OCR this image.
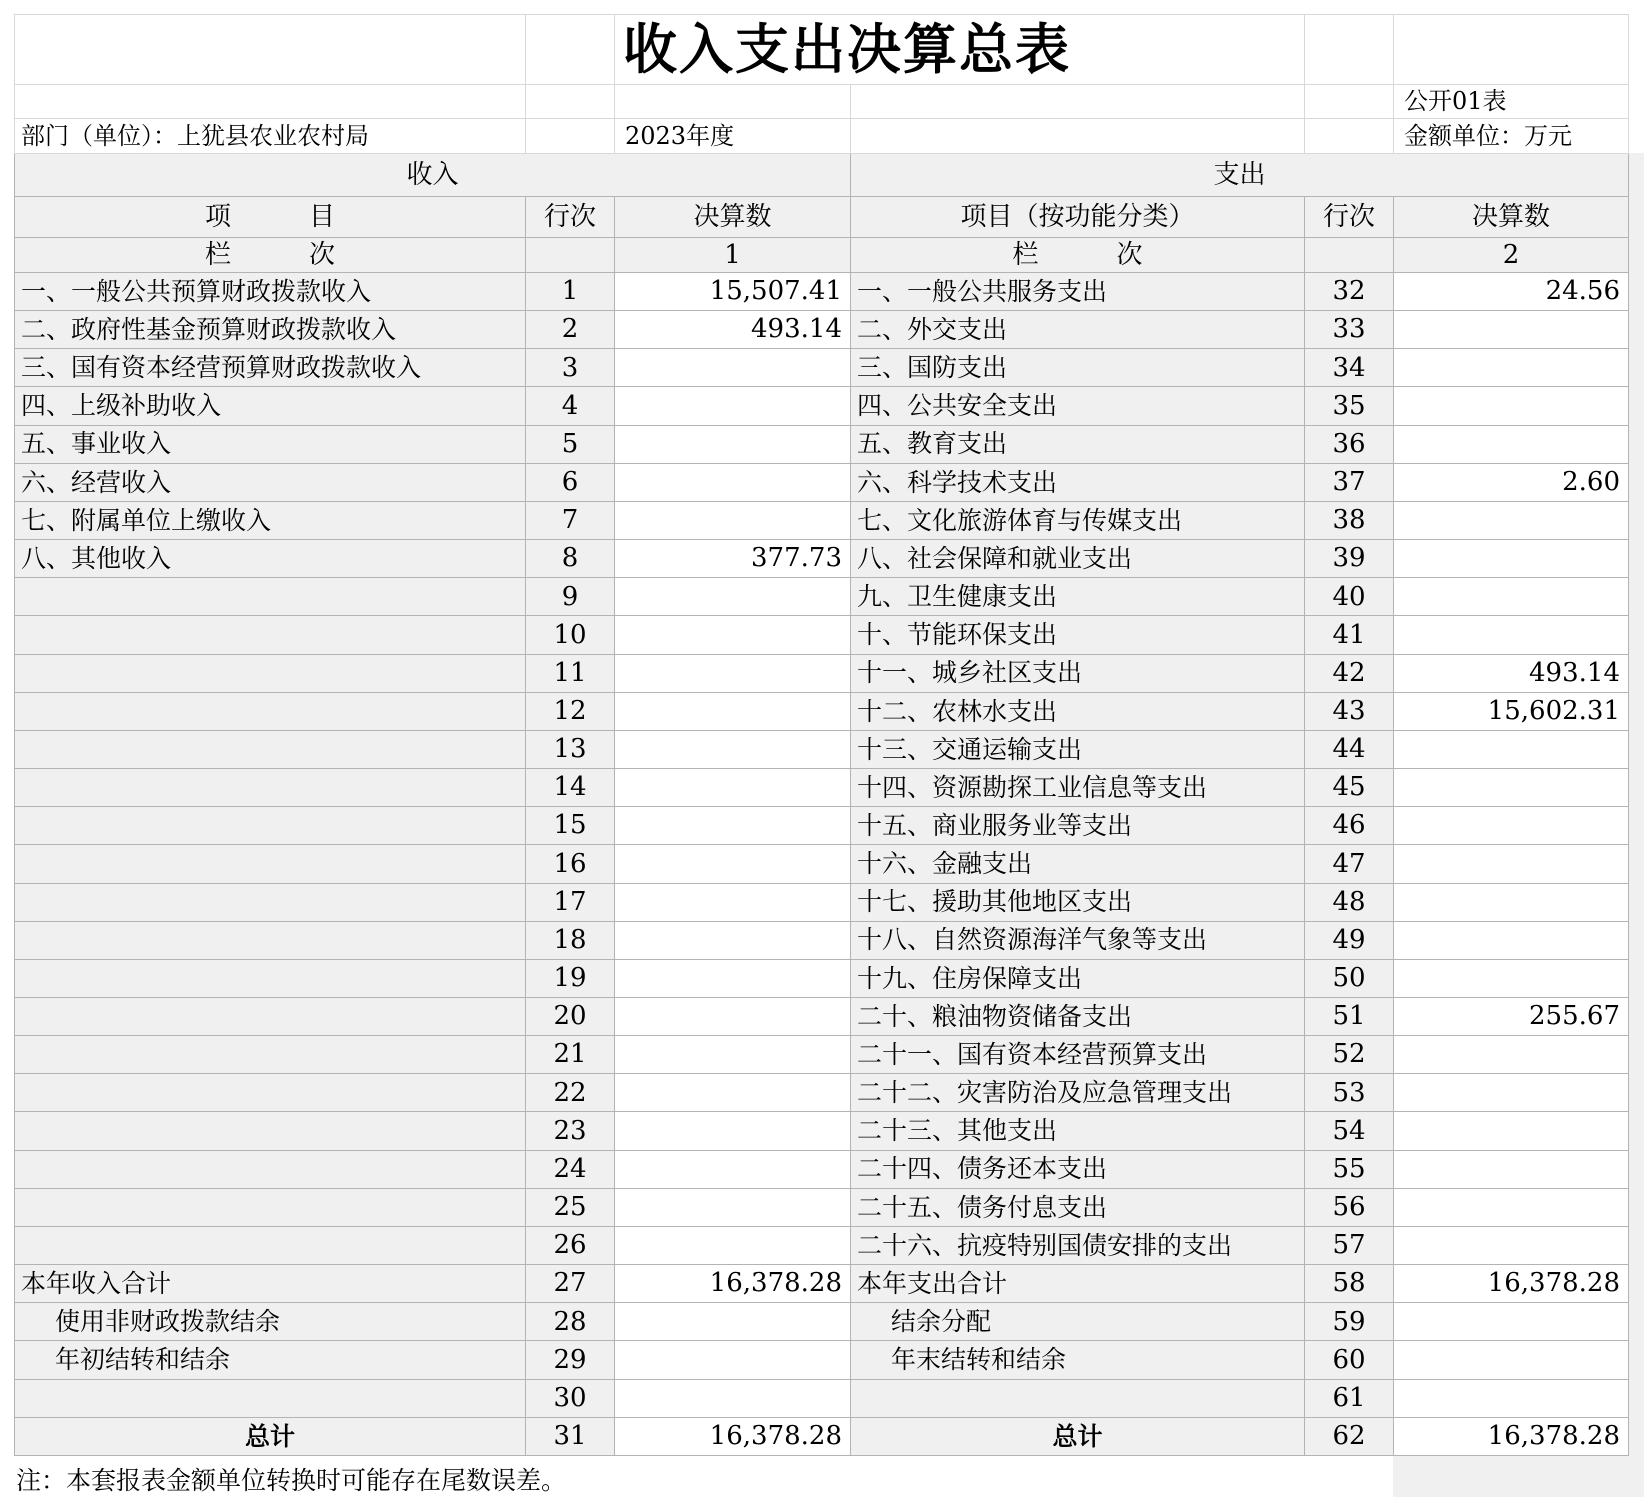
		收入支出决算总表			
					公开01表
部门（单位）：上犹县农业农村局		2023年度			金额单位：万元
收入			支出		
项　　　目	行次	决算数	项目（按功能分类）	行次	决算数
栏　　　次		1	栏　　　次		2
一、一般公共预算财政拨款收入	1	15,507.41	一、一般公共服务支出	32	24.56
二、政府性基金预算财政拨款收入	2	493.14	二、外交支出	33	
三、国有资本经营预算财政拨款收入	3		三、国防支出	34	
四、上级补助收入	4		四、公共安全支出	35	
五、事业收入	5		五、教育支出	36	
六、经营收入	6		六、科学技术支出	37	2.60
七、附属单位上缴收入	7		七、文化旅游体育与传媒支出	38	
八、其他收入	8	377.73	八、社会保障和就业支出	39	
	9		九、卫生健康支出	40	
	10		十、节能环保支出	41	
	11		十一、城乡社区支出	42	493.14
	12		十二、农林水支出	43	15,602.31
	13		十三、交通运输支出	44	
	14		十四、资源勘探工业信息等支出	45	
	15		十五、商业服务业等支出	46	
	16		十六、金融支出	47	
	17		十七、援助其他地区支出	48	
	18		十八、自然资源海洋气象等支出	49	
	19		十九、住房保障支出	50	
	20		二十、粮油物资储备支出	51	255.67
	21		二十一、国有资本经营预算支出	52	
	22		二十二、灾害防治及应急管理支出	53	
	23		二十三、其他支出	54	
	24		二十四、债务还本支出	55	
	25		二十五、债务付息支出	56	
	26		二十六、抗疫特别国债安排的支出	57	
本年收入合计	27	16,378.28	本年支出合计	58	16,378.28
使用非财政拨款结余	28		结余分配	59	
年初结转和结余	29		年末结转和结余	60	
	30			61	
总计	31	16,378.28	总计	62	16,378.28
注：本套报表金额单位转换时可能存在尾数误差。
